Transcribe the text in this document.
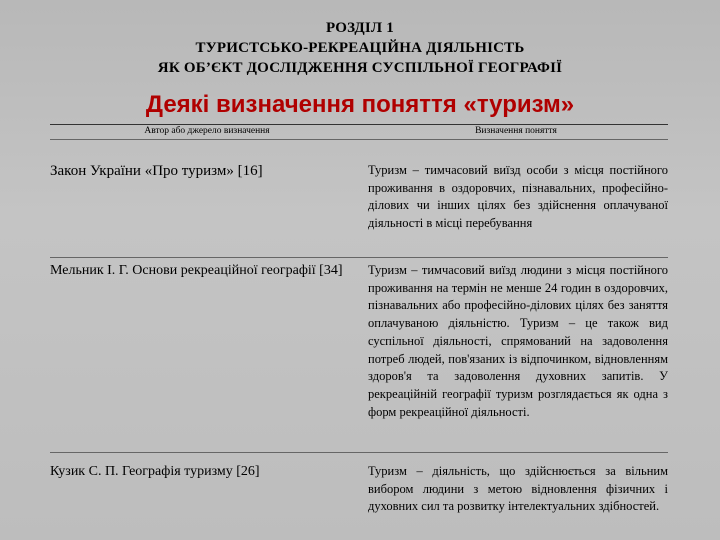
РОЗДІЛ 1
ТУРИСТСЬКО-РЕКРЕАЦІЙНА ДІЯЛЬНІСТЬ
ЯК ОБ’ЄКТ ДОСЛІДЖЕННЯ СУСПІЛЬНОЇ ГЕОГРАФІЇ
Деякі визначення поняття «туризм»
Автор або джерело визначення	Визначення поняття
Закон України «Про туризм» [16]	Туризм – тимчасовий виїзд особи з місця постійного проживання в оздоровчих, пізнавальних, професійно-ділових чи інших цілях без здійснення оплачуваної діяльності в місці перебування
Мельник І. Г. Основи рекреаційної географії [34]	Туризм – тимчасовий виїзд людини з місця постійного проживання на термін не менше 24 годин в оздоровчих, пізнавальних або професійно-ділових цілях без заняття оплачуваною діяльністю. Туризм – це також вид суспільної діяльності, спрямований на задоволення потреб людей, пов'язаних із відпочинком, відновленням здоров'я та задоволення духовних запитів. У рекреаційній географії туризм розглядається як одна з форм рекреаційної діяльності.
Кузик С. П. Географія туризму [26]	Туризм – діяльність, що здійснюється за вільним вибором людини з метою відновлення фізичних і духовних сил та розвитку інтелектуальних здібностей.
